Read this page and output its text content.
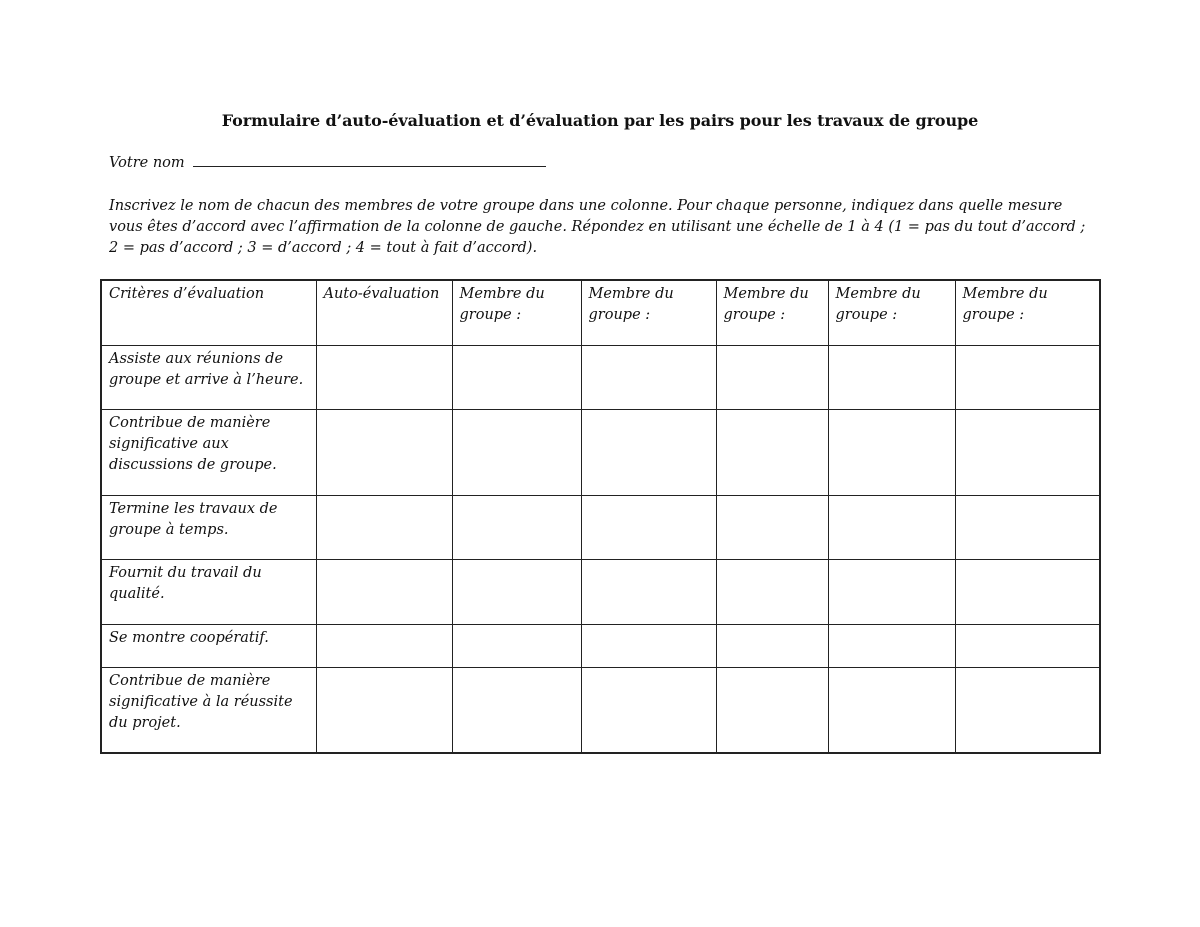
Formulaire d’auto-évaluation et d’évaluation par les pairs pour les travaux de groupe
Votre nom
Inscrivez le nom de chacun des membres de votre groupe dans une colonne. Pour chaque personne, indiquez dans quelle mesure vous êtes d’accord avec l’affirmation de la colonne de gauche. Répondez en utilisant une échelle de 1 à 4 (1 = pas du tout d’accord ; 2 = pas d’accord ; 3 = d’accord ; 4 = tout à fait d’accord).
Critères d’évaluation	Auto-évaluation	Membre du groupe :	Membre du groupe :	Membre du groupe :	Membre du groupe :	Membre du groupe :
Assiste aux réunions de groupe et arrive à l’heure.						
Contribue de manière significative aux discussions de groupe.						
Termine les travaux de groupe à temps.						
Fournit du travail du qualité.						
Se montre coopératif.						
Contribue de manière significative à la réussite du projet.						
